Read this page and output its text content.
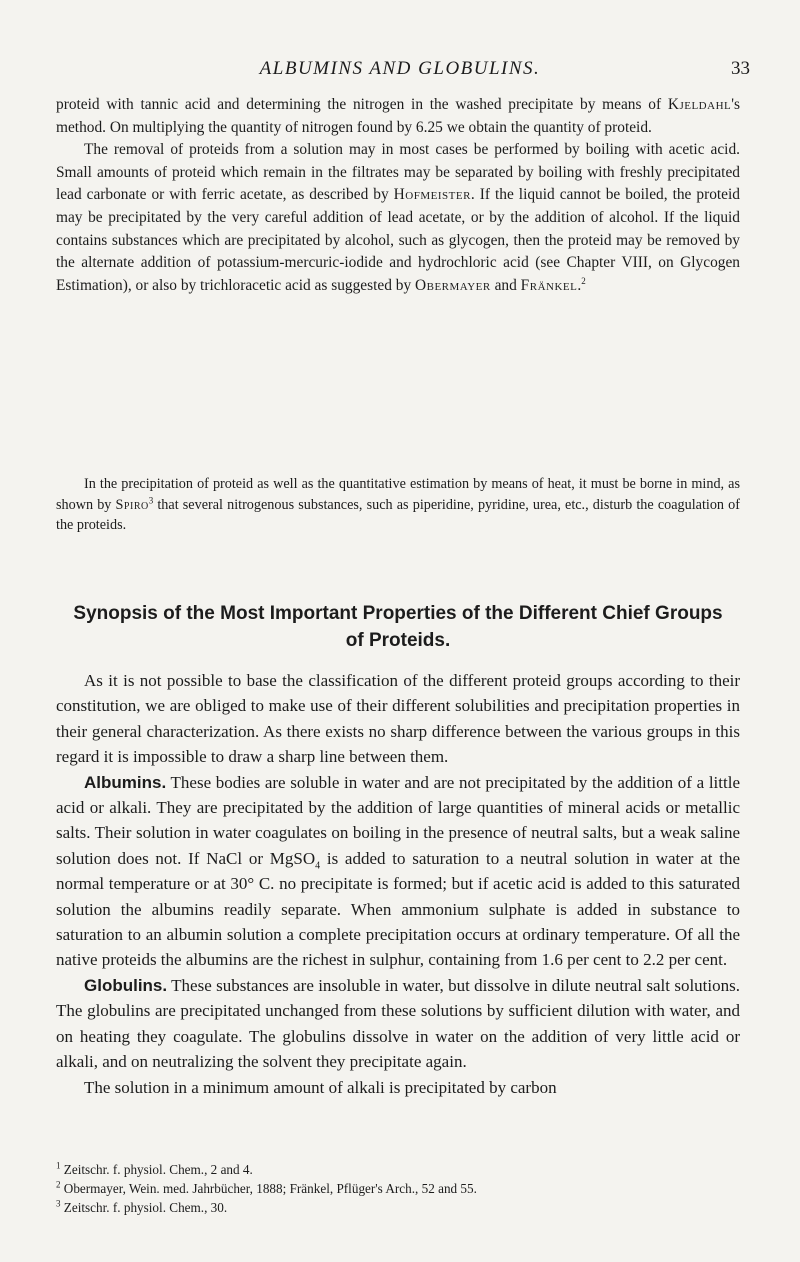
ALBUMINS AND GLOBULINS.	33

proteid with tannic acid and determining the nitrogen in the washed precipitate by means of Kjeldahl's method. On multiplying the quantity of nitrogen found by 6.25 we obtain the quantity of proteid.

The removal of proteids from a solution may in most cases be performed by boiling with acetic acid. Small amounts of proteid which remain in the filtrates may be separated by boiling with freshly precipitated lead carbonate or with ferric acetate, as described by Hofmeister. If the liquid cannot be boiled, the proteid may be precipitated by the very careful addition of lead acetate, or by the addition of alcohol. If the liquid contains substances which are precipitated by alcohol, such as glycogen, then the proteid may be removed by the alternate addition of potassium-mercuric-iodide and hydrochloric acid (see Chapter VIII, on Glycogen Estimation), or also by trichloracetic acid as suggested by Obermayer and Fränkel.$^2$

In the precipitation of proteid as well as the quantitative estimation by means of heat, it must be borne in mind, as shown by Spiro$^3$ that several nitrogenous substances, such as piperidine, pyridine, urea, etc., disturb the coagulation of the proteids.

Synopsis of the Most Important Properties of the Different Chief Groups
of Proteids.

As it is not possible to base the classification of the different proteid groups according to their constitution, we are obliged to make use of their different solubilities and precipitation properties in their general characterization. As there exists no sharp difference between the various groups in this regard it is impossible to draw a sharp line between them.

Albumins. These bodies are soluble in water and are not precipitated by the addition of a little acid or alkali. They are precipitated by the addition of large quantities of mineral acids or metallic salts. Their solution in water coagulates on boiling in the presence of neutral salts, but a weak saline solution does not. If NaCl or MgSO$_4$ is added to saturation to a neutral solution in water at the normal temperature or at 30° C. no precipitate is formed; but if acetic acid is added to this saturated solution the albumins readily separate. When ammonium sulphate is added in substance to saturation to an albumin solution a complete precipitation occurs at ordinary temperature. Of all the native proteids the albumins are the richest in sulphur, containing from 1.6 per cent to 2.2 per cent.

Globulins. These substances are insoluble in water, but dissolve in dilute neutral salt solutions. The globulins are precipitated unchanged from these solutions by sufficient dilution with water, and on heating they coagulate. The globulins dissolve in water on the addition of very little acid or alkali, and on neutralizing the solvent they precipitate again.

The solution in a minimum amount of alkali is precipitated by carbon

$^1$ Zeitschr. f. physiol. Chem., 2 and 4.
$^2$ Obermayer, Wein. med. Jahrbücher, 1888; Fränkel, Pflüger's Arch., 52 and 55.
$^3$ Zeitschr. f. physiol. Chem., 30.
